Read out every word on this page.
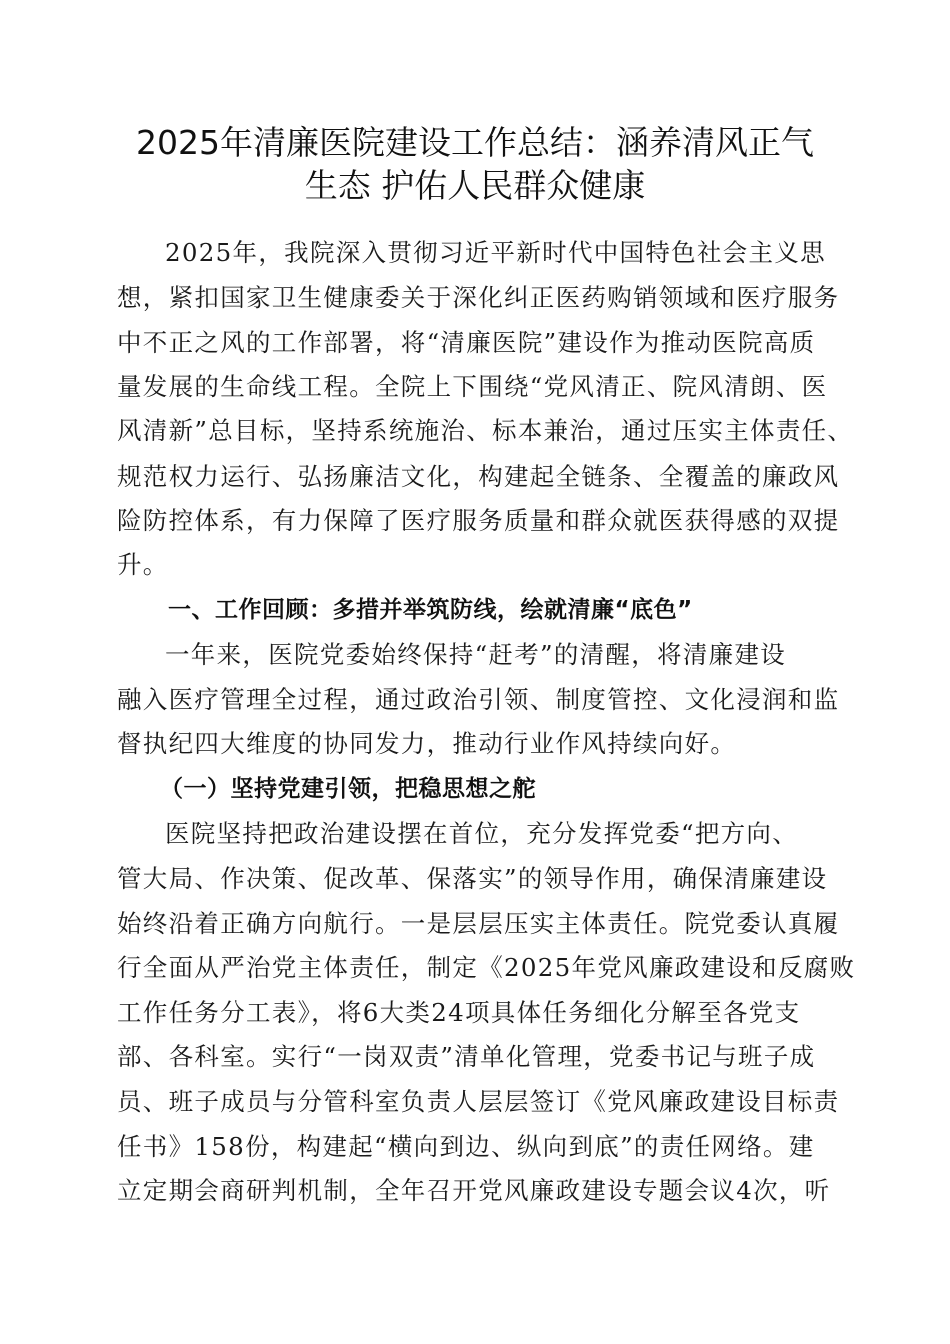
2025年清廉医院建设工作总结：涵养清风正气
生态 护佑人民群众健康
2025年，我院深入贯彻习近平新时代中国特色社会主义思
想，紧扣国家卫生健康委关于深化纠正医药购销领域和医疗服务
中不正之风的工作部署，将“清廉医院”建设作为推动医院高质
量发展的生命线工程。全院上下围绕“党风清正、院风清朗、医
风清新”总目标，坚持系统施治、标本兼治，通过压实主体责任、
规范权力运行、弘扬廉洁文化，构建起全链条、全覆盖的廉政风
险防控体系，有力保障了医疗服务质量和群众就医获得感的双提
升。
一、工作回顾：多措并举筑防线，绘就清廉“底色”
一年来，医院党委始终保持“赶考”的清醒，将清廉建设
融入医疗管理全过程，通过政治引领、制度管控、文化浸润和监
督执纪四大维度的协同发力，推动行业作风持续向好。
（一）坚持党建引领，把稳思想之舵
医院坚持把政治建设摆在首位，充分发挥党委“把方向、
管大局、作决策、促改革、保落实”的领导作用，确保清廉建设
始终沿着正确方向航行。一是层层压实主体责任。院党委认真履
行全面从严治党主体责任，制定《2025年党风廉政建设和反腐败
工作任务分工表》，将6大类24项具体任务细化分解至各党支
部、各科室。实行“一岗双责”清单化管理，党委书记与班子成
员、班子成员与分管科室负责人层层签订《党风廉政建设目标责
任书》158份，构建起“横向到边、纵向到底”的责任网络。建
立定期会商研判机制，全年召开党风廉政建设专题会议4次，听
